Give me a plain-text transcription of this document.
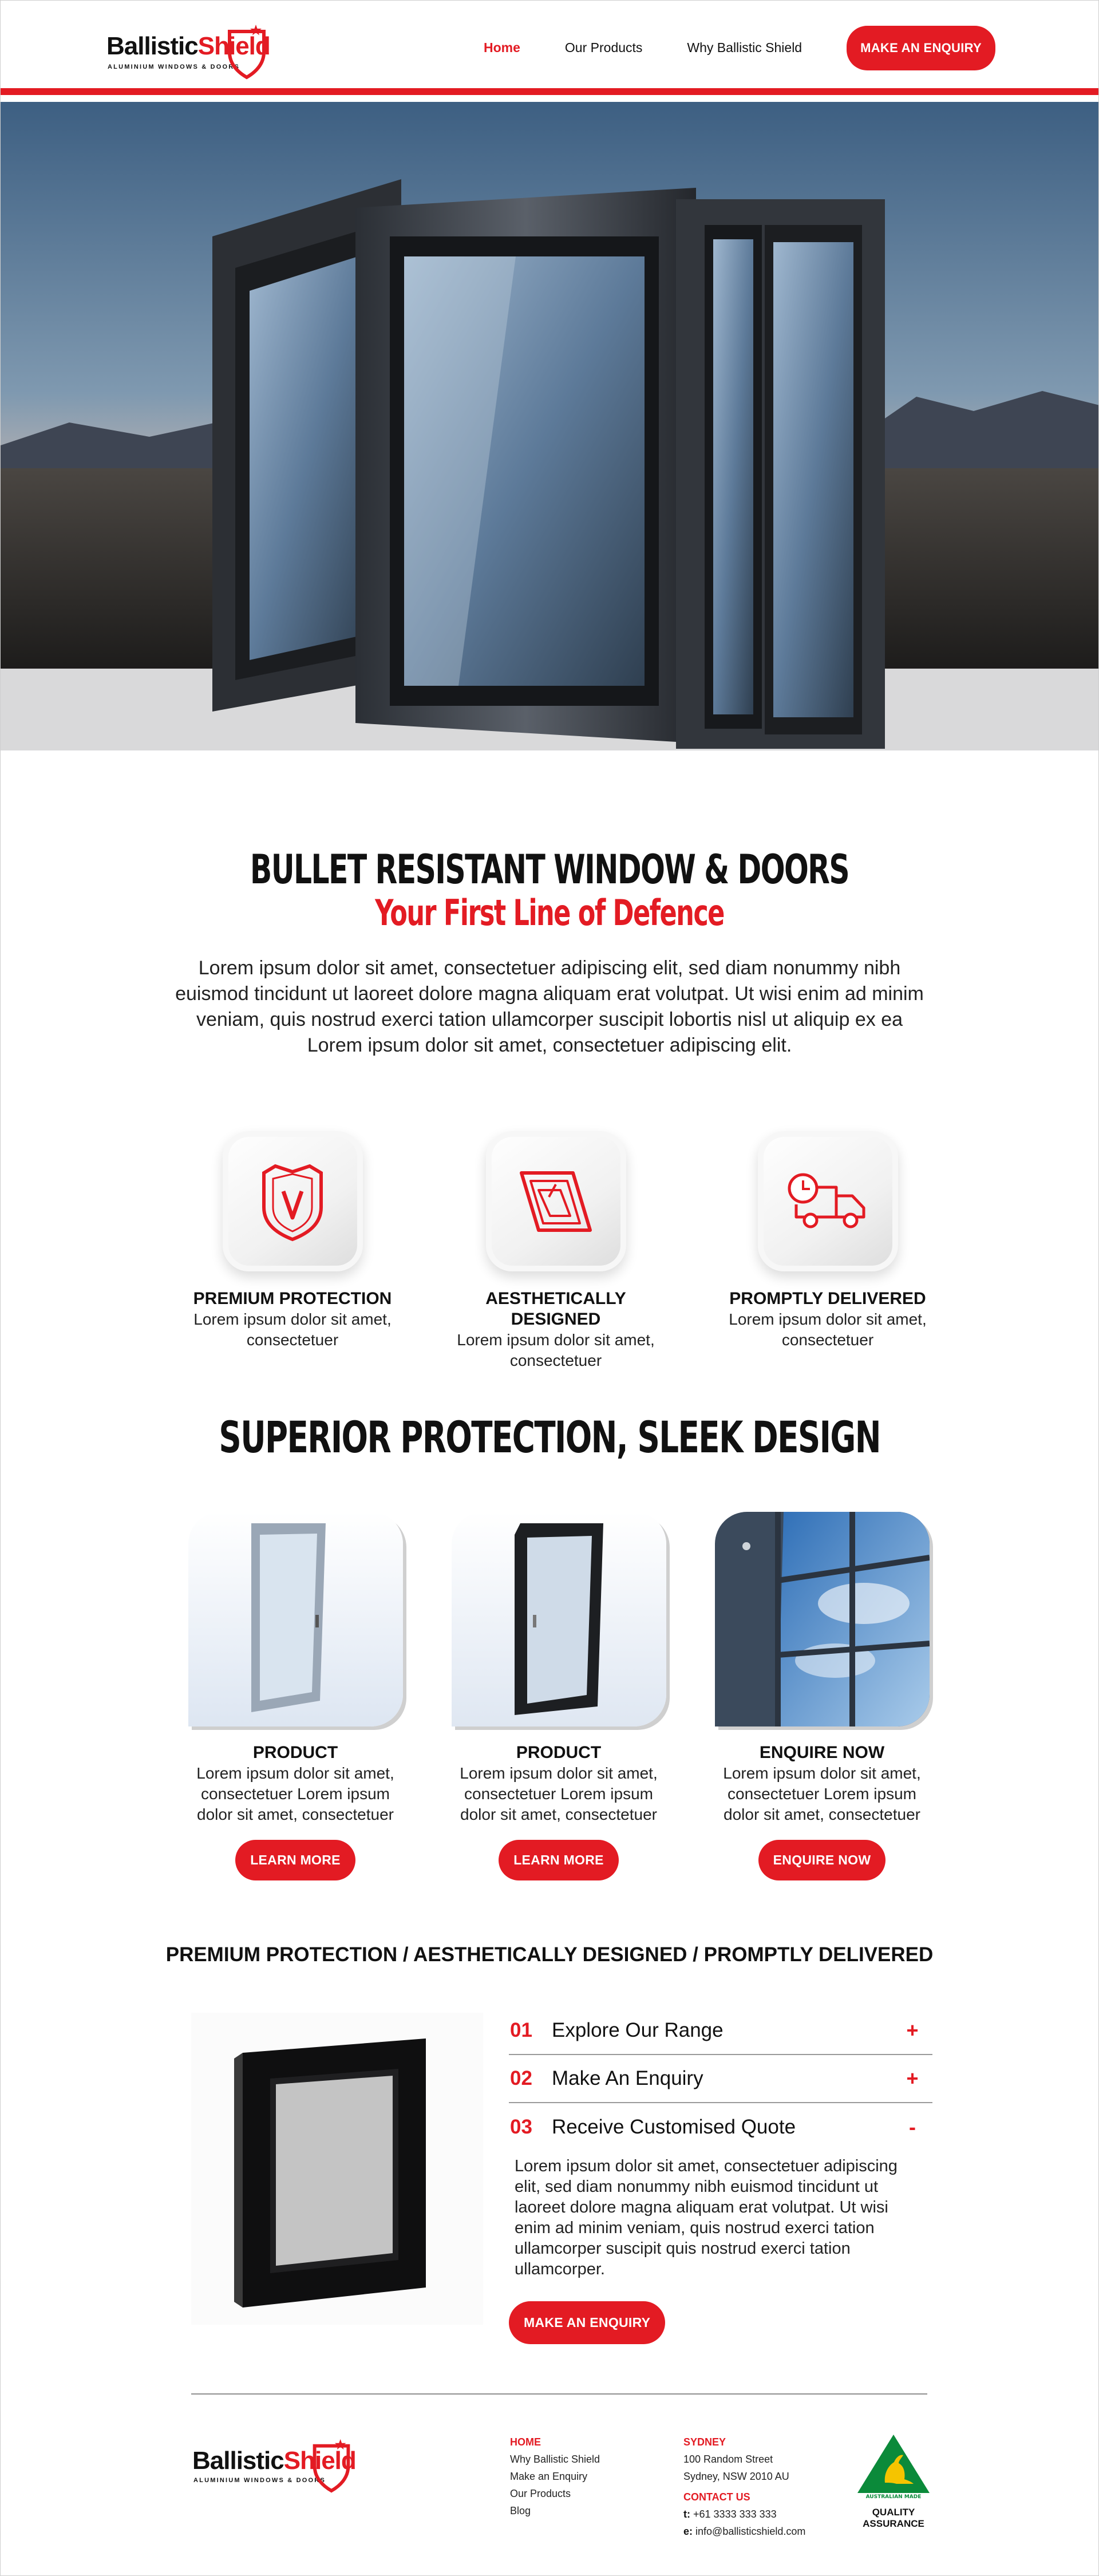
BallisticShield
ALUMINIUM WINDOWS & DOORS
Home	Our Products	Why Ballistic Shield	MAKE AN ENQUIRY
BULLET RESISTANT WINDOW & DOORS
Your First Line of Defence

Lorem ipsum dolor sit amet, consectetuer adipiscing elit, sed diam nonummy nibh euismod tincidunt ut laoreet dolore magna aliquam erat volutpat. Ut wisi enim ad minim veniam, quis nostrud exerci tation ullamcorper suscipit lobortis nisl ut aliquip ex ea Lorem ipsum dolor sit amet, consectetuer adipiscing elit.

PREMIUM PROTECTION
Lorem ipsum dolor sit amet, consectetuer
AESTHETICALLY DESIGNED
Lorem ipsum dolor sit amet, consectetuer
PROMPTLY DELIVERED
Lorem ipsum dolor sit amet, consectetuer
SUPERIOR PROTECTION, SLEEK DESIGN
PRODUCT
Lorem ipsum dolor sit amet, consectetuer Lorem ipsum dolor sit amet, consectetuer
LEARN MORE
PRODUCT
Lorem ipsum dolor sit amet, consectetuer Lorem ipsum dolor sit amet, consectetuer
LEARN MORE
ENQUIRE NOW
Lorem ipsum dolor sit amet, consectetuer Lorem ipsum dolor sit amet, consectetuer
ENQUIRE NOW
PREMIUM PROTECTION / AESTHETICALLY DESIGNED / PROMPTLY DELIVERED
01 Explore Our Range	+
02 Make An Enquiry	+
03 Receive Customised Quote	-
Lorem ipsum dolor sit amet, consectetuer adipiscing elit, sed diam nonummy nibh euismod tincidunt ut laoreet dolore magna aliquam erat volutpat. Ut wisi enim ad minim veniam, quis nostrud exerci tation ullamcorper suscipit quis nostrud exerci tation ullamcorper.
MAKE AN ENQUIRY
BallisticShield
ALUMINIUM WINDOWS & DOORS
HOME
Why Ballistic Shield
Make an Enquiry
Our Products
Blog
SYDNEY
100 Random Street
Sydney, NSW 2010 AU
CONTACT US
t: +61 3333 333 333
e: info@ballisticshield.com
AUSTRALIAN MADE
QUALITY
ASSURANCE
